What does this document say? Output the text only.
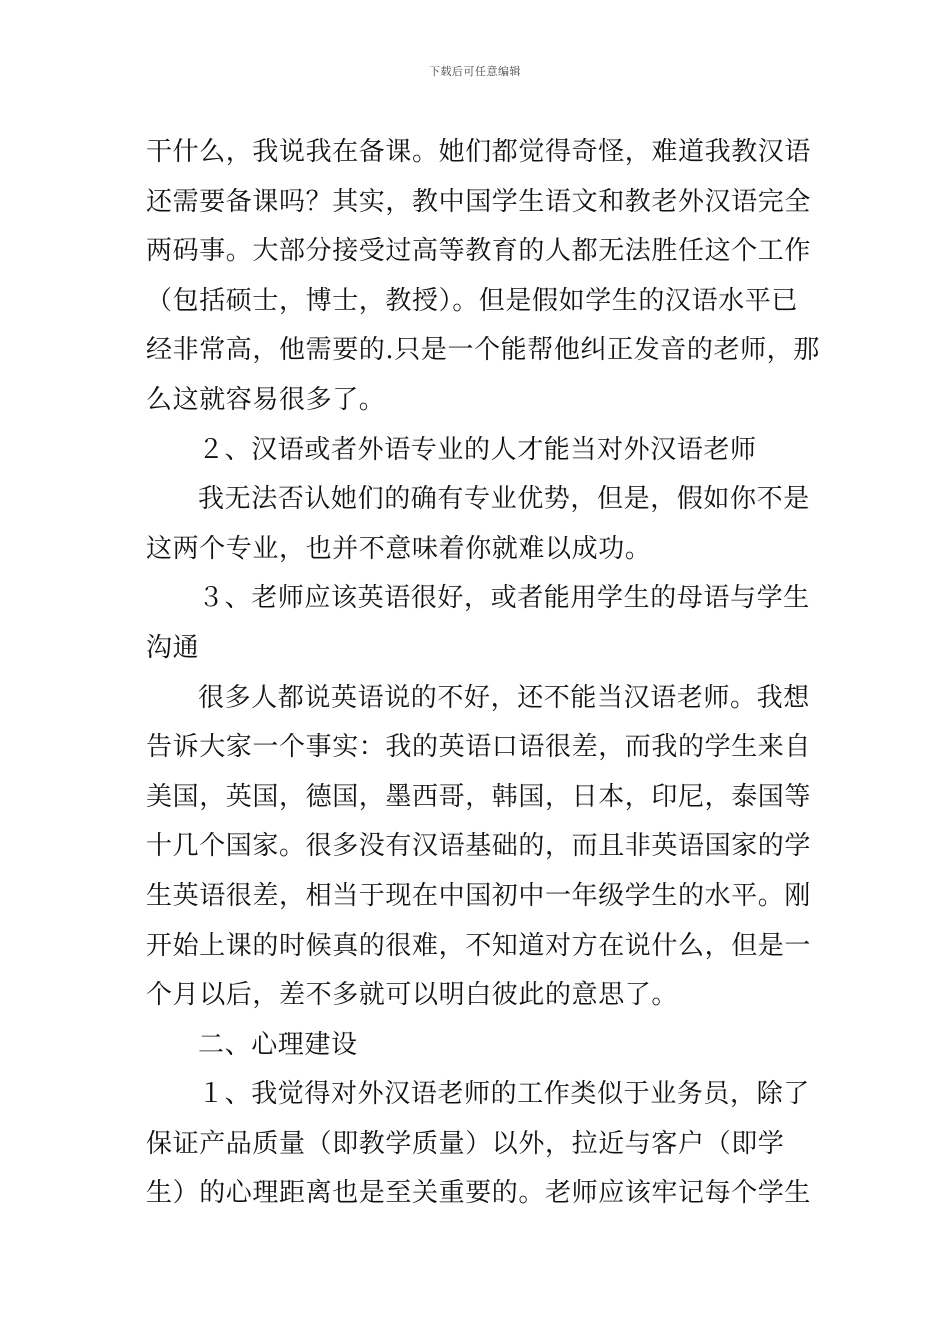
下载后可任意编辑
干什么，我说我在备课。她们都觉得奇怪，难道我教汉语
还需要备课吗？其实，教中国学生语文和教老外汉语完全
两码事。大部分接受过高等教育的人都无法胜任这个工作
（包括硕士，博士，教授）。但是假如学生的汉语水平已
经非常高，他需要的.只是一个能帮他纠正发音的老师，那
么这就容易很多了。
２、汉语或者外语专业的人才能当对外汉语老师
我无法否认她们的确有专业优势，但是，假如你不是
这两个专业，也并不意味着你就难以成功。
３、老师应该英语很好，或者能用学生的母语与学生
沟通
很多人都说英语说的不好，还不能当汉语老师。我想
告诉大家一个事实：我的英语口语很差，而我的学生来自
美国，英国，德国，墨西哥，韩国，日本，印尼，泰国等
十几个国家。很多没有汉语基础的，而且非英语国家的学
生英语很差，相当于现在中国初中一年级学生的水平。刚
开始上课的时候真的很难，不知道对方在说什么，但是一
个月以后，差不多就可以明白彼此的意思了。
二、心理建设
１、我觉得对外汉语老师的工作类似于业务员，除了
保证产品质量（即教学质量）以外，拉近与客户（即学
生）的心理距离也是至关重要的。老师应该牢记每个学生
